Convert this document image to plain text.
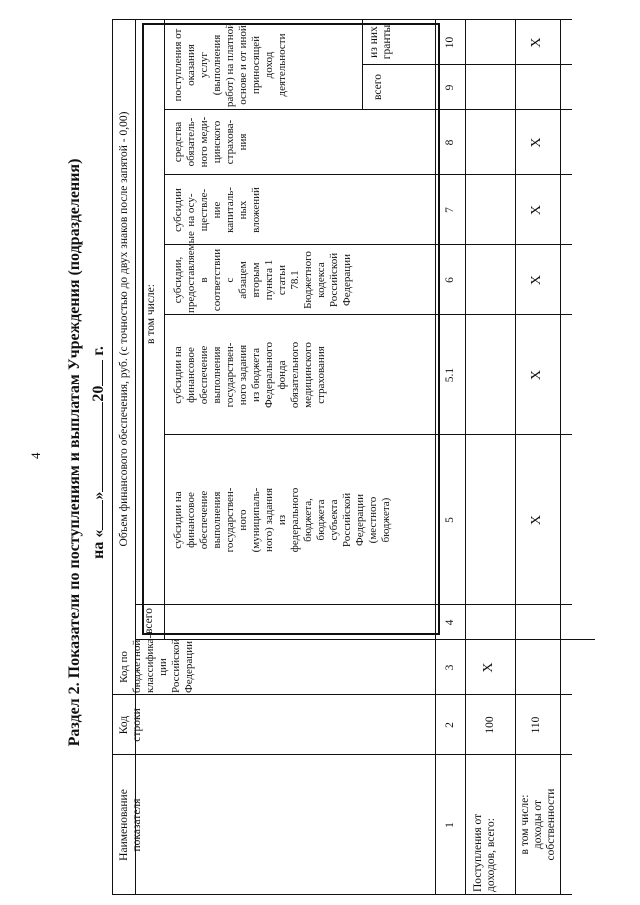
4 Раздел 2. Показатели по поступлениям и выплатам Учреждения (подразделения) на «»20 г.
Наименование
показателя
Код
строки
Код по
бюджетной
классифика-
ции
Российской
Федерации
Объем финансового обеспечения, руб. (с точностью до двух знаков после запятой - 0,00)
всего
в том числе:
субсидии на
финансовое
обеспечение
выполнения
государствен-
ного
(муниципаль-
ного) задания
из
федерального
бюджета,
бюджета
субъекта
Российской
Федерации
(местного
бюджета)
субсидии на
финансовое
обеспечение
выполнения
государствен-
ного задания
из бюджета
Федерального
фонда
обязательного
медицинского
страхования
субсидии,
предоставляемые
в соответствии с
абзацем вторым
пункта 1 статьи
78.1 Бюджетного
кодекса
Российской
Федерации
субсидии
на осу-
ществле-
ние
капиталь-
ных
вложений
средства
обязатель-
ного меди-
цинского
страхова-
ния
поступления от оказания
услуг (выполнения
работ) на платной
основе и от иной
приносящей доход
деятельности	всего
из них
гранты
1
2
3
4
5
5.1
6
7
8
9
10
Поступления от
доходов, всего:
100
X
X
X
X
X
X
X
в том числе:
доходы от
собственности
110
